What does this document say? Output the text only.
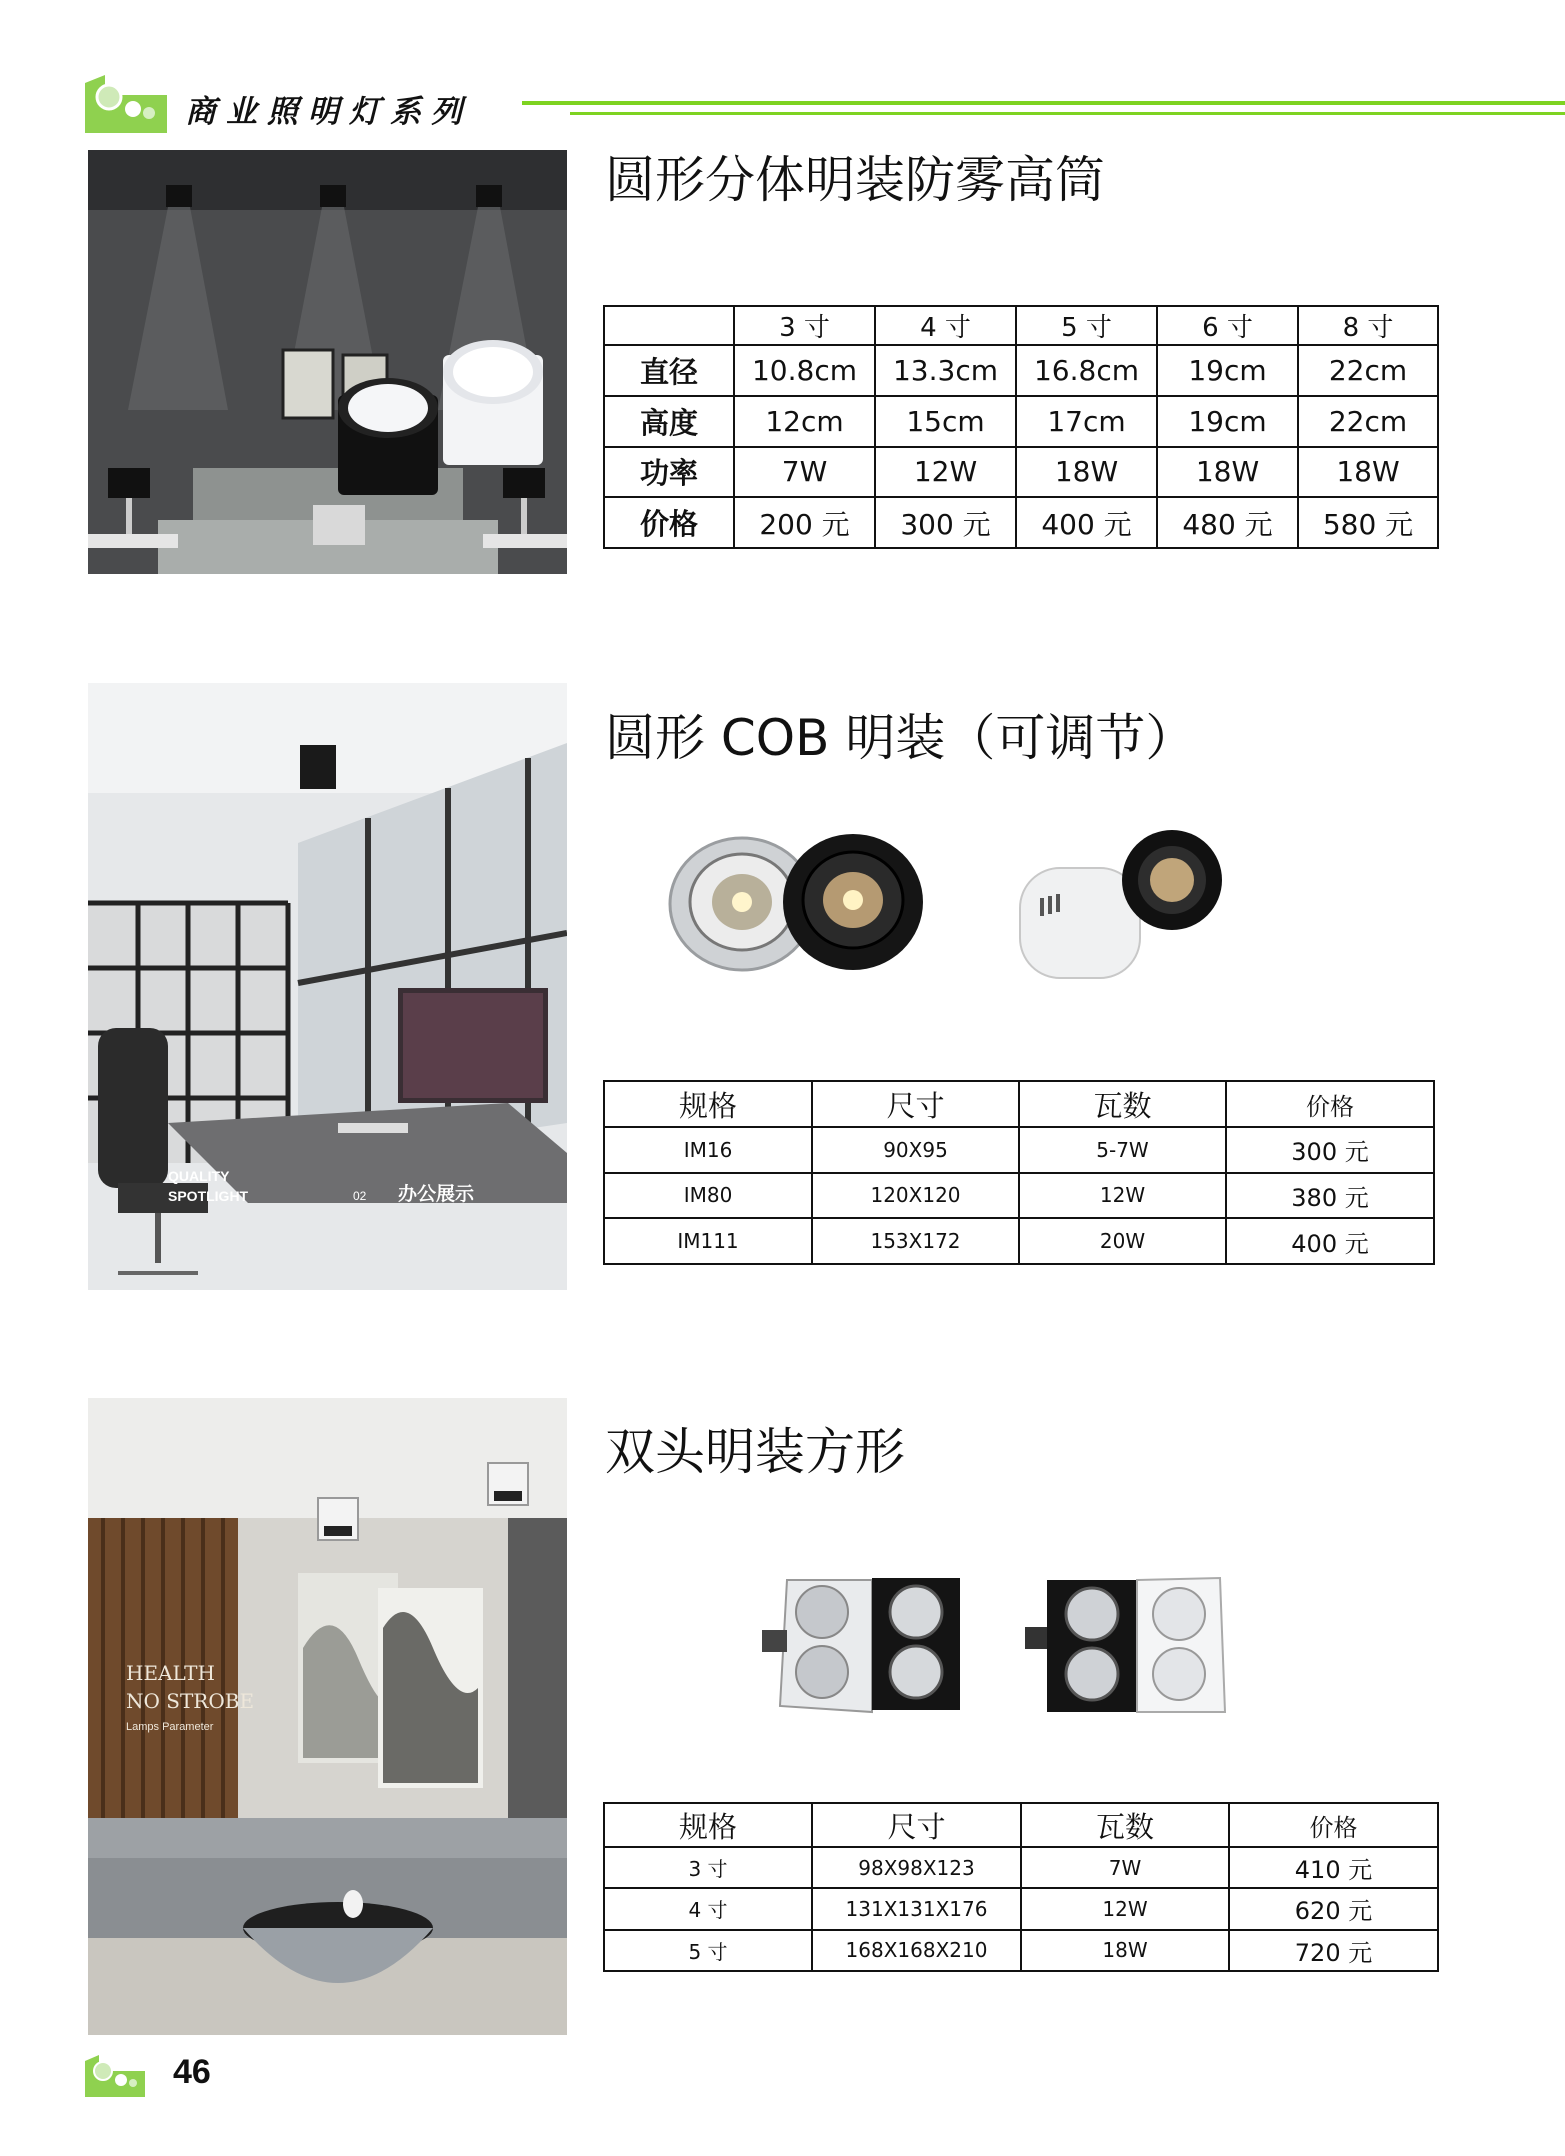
商业照明灯系列
圆形分体明装防雾高筒
	3 寸	4 寸	5 寸	6 寸	8 寸
直径	10.8cm	13.3cm	16.8cm	19cm	22cm
高度	12cm	15cm	17cm	19cm	22cm
功率	7W	12W	18W	18W	18W
价格	200 元	300 元	400 元	480 元	580 元
QUALITY
SPOTLIGHT	02 办公展示
圆形 COB 明装（可调节）
规格	尺寸	瓦数	价格
IM16	90X95	5-7W	300 元
IM80	120X120	12W	380 元
IM111	153X172	20W	400 元
HEALTH
NO STROBE
Lamps Parameter
双头明装方形
规格	尺寸	瓦数	价格
3 寸	98X98X123	7W	410 元
4 寸	131X131X176	12W	620 元
5 寸	168X168X210	18W	720 元
46
